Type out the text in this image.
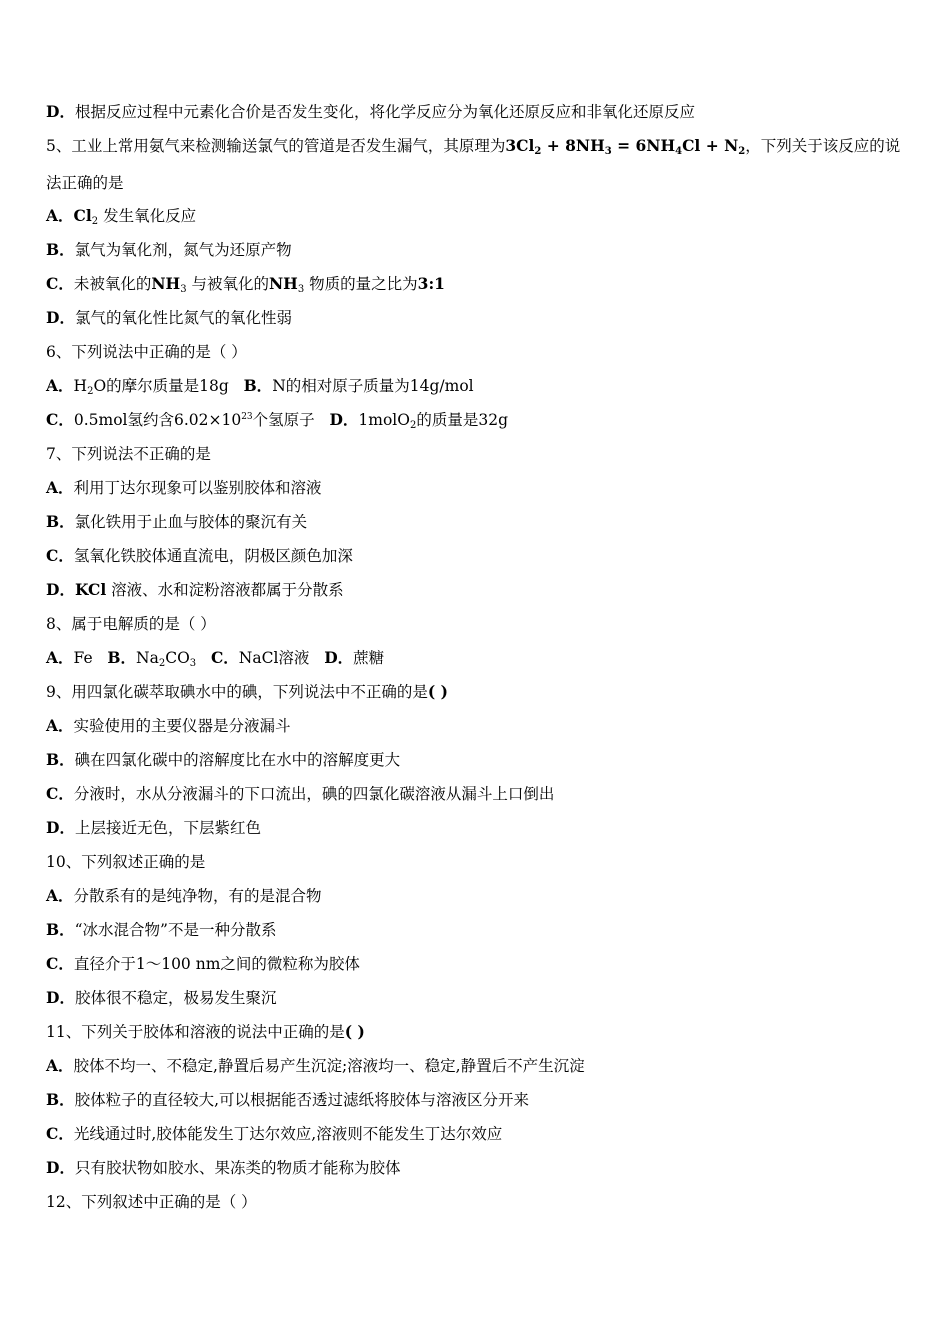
D．根据反应过程中元素化合价是否发生变化，将化学反应分为氧化还原反应和非氧化还原反应
5、工业上常用氨气来检测输送氯气的管道是否发生漏气，其原理为$3Cl_2 + 8NH_3 = 6NH_4Cl + N_2$，下列关于该反应的说
法正确的是
A．$Cl_2$ 发生氧化反应
B．氯气为氧化剂，氮气为还原产物
C．未被氧化的$NH_3$ 与被氧化的$NH_3$ 物质的量之比为3:1
D．氯气的氧化性比氮气的氧化性弱
6、下列说法中正确的是（ ）
A．$H_2O$的摩尔质量是18g B．N的相对原子质量为14g/mol
C．0.5mol氢约含$6.02\times 10^{23}$个氢原子 D．1molO$_2$的质量是32g
7、下列说法不正确的是
A．利用丁达尔现象可以鉴别胶体和溶液
B．氯化铁用于止血与胶体的聚沉有关
C．氢氧化铁胶体通直流电，阴极区颜色加深
D．KCl 溶液、水和淀粉溶液都属于分散系
8、属于电解质的是（ ）
A．Fe B．$Na_2CO_3$ C．NaCl溶液 D．蔗糖
9、用四氯化碳萃取碘水中的碘，下列说法中不正确的是( )
A．实验使用的主要仪器是分液漏斗
B．碘在四氯化碳中的溶解度比在水中的溶解度更大
C．分液时，水从分液漏斗的下口流出，碘的四氯化碳溶液从漏斗上口倒出
D．上层接近无色，下层紫红色
10、下列叙述正确的是
A．分散系有的是纯净物，有的是混合物
B．“冰水混合物”不是一种分散系
C．直径介于1～100 nm之间的微粒称为胶体
D．胶体很不稳定，极易发生聚沉
11、下列关于胶体和溶液的说法中正确的是( )
A．胶体不均一、不稳定,静置后易产生沉淀;溶液均一、稳定,静置后不产生沉淀
B．胶体粒子的直径较大,可以根据能否透过滤纸将胶体与溶液区分开来
C．光线通过时,胶体能发生丁达尔效应,溶液则不能发生丁达尔效应
D．只有胶状物如胶水、果冻类的物质才能称为胶体
12、下列叙述中正确的是（ ）
